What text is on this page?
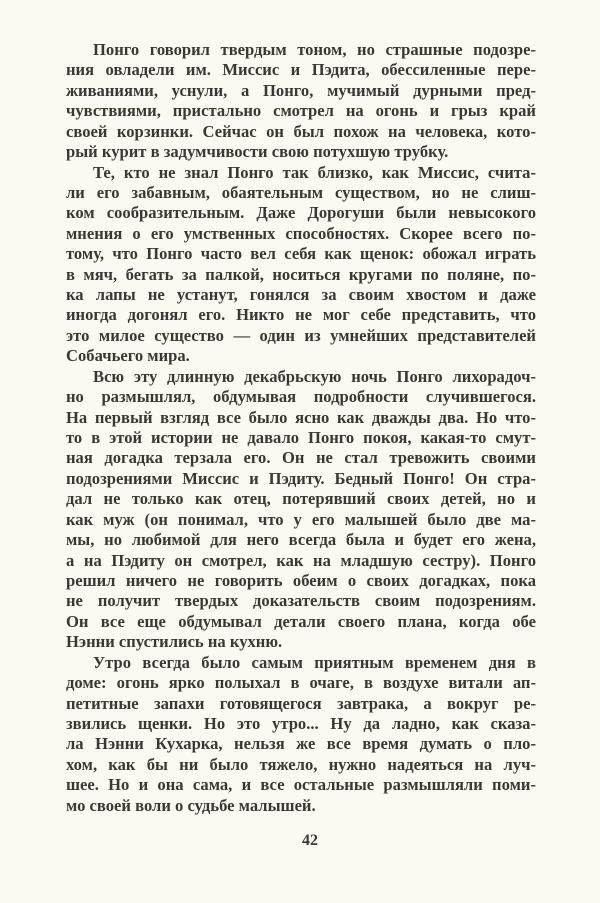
Понго говорил твердым тоном, но страшные подозре-
ния овладели им. Миссис и Пэдита, обессиленные пере-
живаниями, уснули, а Понго, мучимый дурными пред-
чувствиями, пристально смотрел на огонь и грыз край
своей корзинки. Сейчас он был похож на человека, кото-
рый курит в задумчивости свою потухшую трубку.
Те, кто не знал Понго так близко, как Миссис, счита-
ли его забавным, обаятельным существом, но не слиш-
ком сообразительным. Даже Дорогуши были невысокого
мнения о его умственных способностях. Скорее всего по-
тому, что Понго часто вел себя как щенок: обожал играть
в мяч, бегать за палкой, носиться кругами по поляне, по-
ка лапы не устанут, гонялся за своим хвостом и даже
иногда догонял его. Никто не мог себе представить, что
это милое существо — один из умнейших представителей
Собачьего мира.
Всю эту длинную декабрьскую ночь Понго лихорадоч-
но размышлял, обдумывая подробности случившегося.
На первый взгляд все было ясно как дважды два. Но что-
то в этой истории не давало Понго покоя, какая-то смут-
ная догадка терзала его. Он не стал тревожить своими
подозрениями Миссис и Пэдиту. Бедный Понго! Он стра-
дал не только как отец, потерявший своих детей, но и
как муж (он понимал, что у его малышей было две ма-
мы, но любимой для него всегда была и будет его жена,
а на Пэдиту он смотрел, как на младшую сестру). Понго
решил ничего не говорить обеим о своих догадках, пока
не получит твердых доказательств своим подозрениям.
Он все еще обдумывал детали своего плана, когда обе
Нэнни спустились на кухню.
Утро всегда было самым приятным временем дня в
доме: огонь ярко полыхал в очаге, в воздухе витали ап-
петитные запахи готовящегося завтрака, а вокруг ре-
звились щенки. Но это утро... Ну да ладно, как сказа-
ла Нэнни Кухарка, нельзя же все время думать о пло-
хом, как бы ни было тяжело, нужно надеяться на луч-
шее. Но и она сама, и все остальные размышляли поми-
мо своей воли о судьбе малышей.
42
